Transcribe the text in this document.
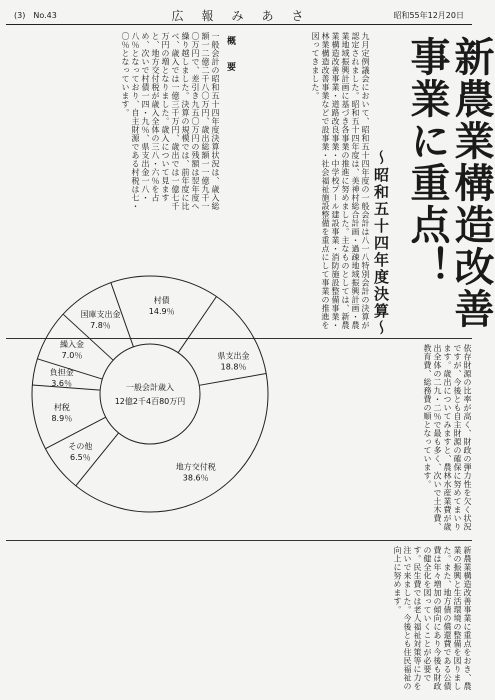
(3)　No.43	広　報　み　あ　さ	昭和55年12月20日
新農業構造改善事業に重点！
〜昭和五十四年度決算〜
九月定例議会において、昭和五十四年度の一般会計は八一八特別会計の決算が認定されました。昭和五十四年度は、美神村総合計画・過疎地域振興計画・農業地域振興計画に基づき各事業の推進に努めました。主なものとしては、新農業構造改善事業・道路改良事業・中学校プール建設事業・消防施設整備事業・林業構造改善事業などで設事業・社会福祉施設整備を重点にして事業の推進を図ってきました。
概　要
一般会計の昭和五十四年度決算状況は、歳入総額一二億二千八〇万円、歳出総額一一億九千一〇万円で、差引き九五〇万円の残額は翌年度へ繰り越しました。決算の規模では、前年度に比べ、歳入では一億三千万円、歳出では一億七千万円の増となりました。歳入について見ますと、地方交付税が歳入全体の三八・六％を占め、次いで村債一四・九％、県支出金一八・八％となっており、自主財源である村税は七・〇％となっています。
依存財源の比率が高く、財政の弾力性を欠く状況ですが、今後とも自主財源の確保に努めてまいります。歳出についてみますと、農林水産業費が歳出全体の二九・二％で最も多く、次いで土木費、教育費、総務費の順となっています。
地方交付税
38.6％
その他
6.5％
村税
8.9％
負担金
3.6％
繰入金
7.0％
国庫支出金
7.8％
村債
14.9％
県支出金
18.8％
一般会計歳入
12億2千4百80万円
新農業構造改善事業に重点をおき、農業の振興と生活環境の整備を図りました。また、地方債の償還費である公債費は年々増加の傾向にあり今後も財政の健全化を図っていくことが必要です。民生費では老人福祉対策等に力を注いで来ました。今後とも住民福祉の向上に努めます。
